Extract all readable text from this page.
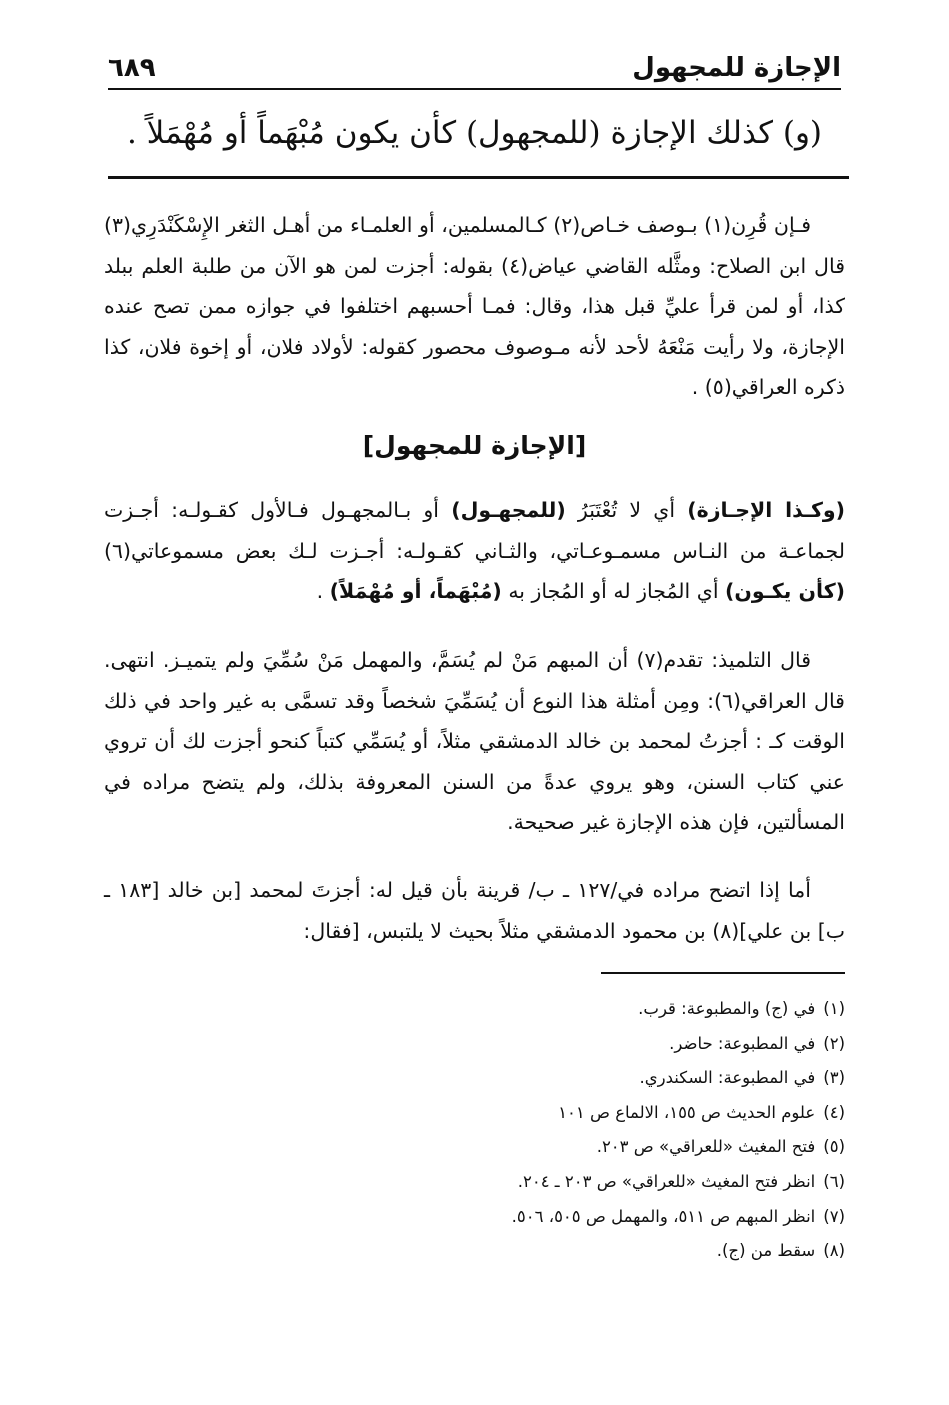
الإجازة للمجهول
٦٨٩
(و) كذلك الإجازة (للمجهول) كأن يكون مُبْهَماً أو مُهْمَلاً .

فـإن قُرِن(١) بـوصف خـاص(٢) كـالمسلمين، أو العلمـاء من أهـل الثغر الإِسْكَنْدَرِي(٣) قال ابن الصلاح: ومثَّله القاضي عياض(٤) بقوله: أجزت لمن هو الآن من طلبة العلم ببلد كذا، أو لمن قرأ عليِّ قبل هذا، وقال: فمـا أحسبهم اختلفوا في جوازه ممن تصح عنده الإجازة، ولا رأيت مَنْعَهُ لأحد لأنه مـوصوف محصور كقوله: لأولاد فلان، أو إخوة فلان، كذا ذكره العراقي(٥) .

[الإجازة للمجهول]

(وكـذا الإجـازة) أي لا تُعْتَبَرُ (للمجهـول) أو بـالمجهـول فـالأول كقـولـه: أجـزت لجماعـة من النـاس مسمـوعـاتي، والثـاني كقـولـه: أجـزت لـك بعض مسموعاتي(٦) (كأن يكـون) أي المُجاز له أو المُجاز به (مُبْهَماً، أو مُهْمَلاً) .

قال التلميذ: تقدم(٧) أن المبهم مَنْ لم يُسَمَّ، والمهمل مَنْ سُمِّيَ ولم يتميـز. انتهى. قال العراقي(٦): ومِن أمثلة هذا النوع أن يُسَمِّيَ شخصاً وقد تسمَّى به غير واحد في ذلك الوقت كـ : أجزتُ لمحمد بن خالد الدمشقي مثلاً، أو يُسَمِّي كتباً كنحو أجزت لك أن تروي عني كتاب السنن، وهو يروي عدةً من السنن المعروفة بذلك، ولم يتضح مراده في المسألتين، فإن هذه الإجازة غير صحيحة.

أما إذا اتضح مراده في/١٢٧ ـ ب/ قرينة بأن قيل له: أجزتَ لمحمد [بن خالد [١٨٣ ـ ب] بن علي](٨) بن محمود الدمشقي مثلاً بحيث لا يلتبس، [فقال:

(١)في (ج) والمطبوعة: قرب.
(٢)في المطبوعة: حاضر.
(٣)في المطبوعة: السكندري.
(٤)علوم الحديث ص ١٥٥، الالماع ص ١٠١
(٥)فتح المغيث «للعراقي» ص ٢٠٣.
(٦)انظر فتح المغيث «للعراقي» ص ٢٠٣ ـ ٢٠٤.
(٧)انظر المبهم ص ٥١١، والمهمل ص ٥٠٥، ٥٠٦.
(٨)سقط من (ج).
